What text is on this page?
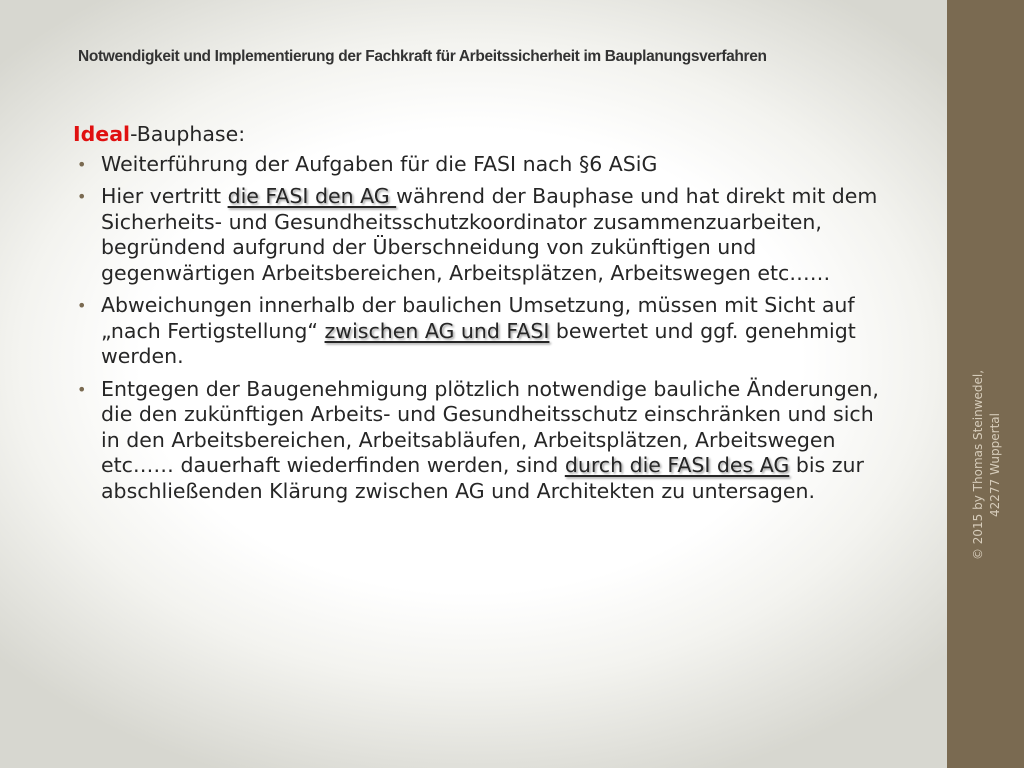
Notwendigkeit und Implementierung der Fachkraft für Arbeitssicherheit im Bauplanungsverfahren

Ideal-Bauphase:

• Weiterführung der Aufgaben für die FASI nach §6 ASiG
• Hier vertritt die FASI den AG während der Bauphase und hat direkt mit dem Sicherheits- und Gesundheitsschutzkoordinator zusammenzuarbeiten, begründend aufgrund der Überschneidung von zukünftigen und gegenwärtigen Arbeitsbereichen, Arbeitsplätzen, Arbeitswegen etc……
• Abweichungen innerhalb der baulichen Umsetzung, müssen mit Sicht auf „nach Fertigstellung“ zwischen AG und FASI bewertet und ggf. genehmigt werden.
• Entgegen der Baugenehmigung plötzlich notwendige bauliche Änderungen, die den zukünftigen Arbeits- und Gesundheitsschutz einschränken und sich in den Arbeitsbereichen, Arbeitsabläufen, Arbeitsplätzen, Arbeitswegen etc…… dauerhaft wiederfinden werden, sind durch die FASI des AG bis zur abschließenden Klärung zwischen AG und Architekten zu untersagen.	© 2015 by Thomas Steinwedel, 42277 Wuppertal
